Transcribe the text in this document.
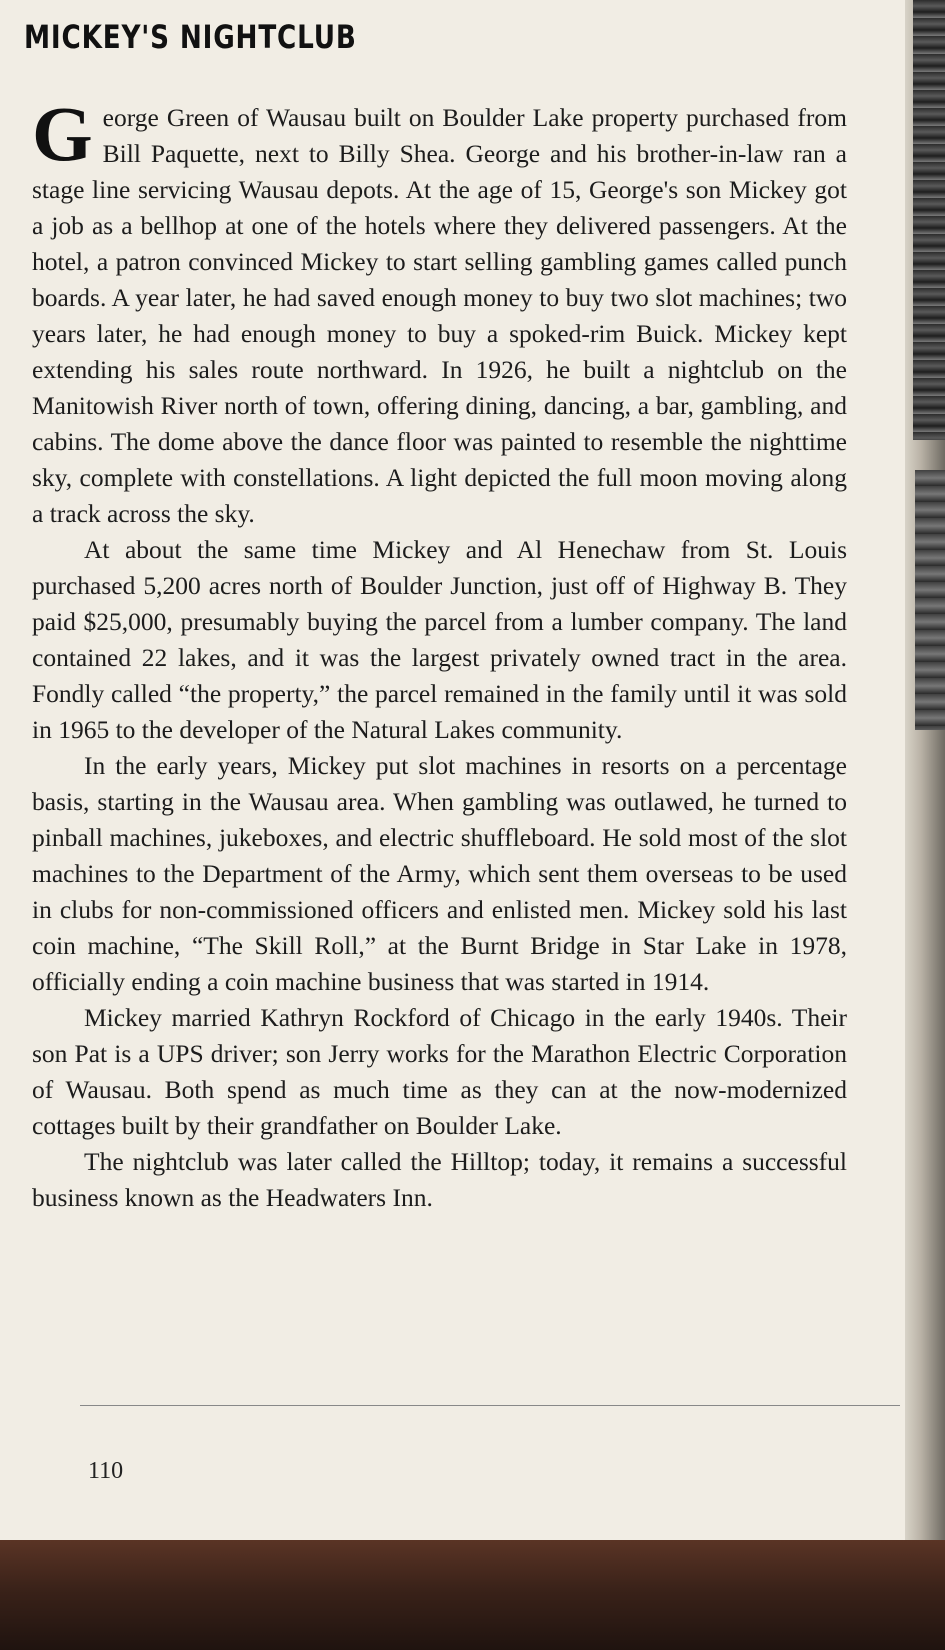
MICKEY'S NIGHTCLUB

George Green of Wausau built on Boulder Lake property purchased from Bill Paquette, next to Billy Shea. George and his brother-in-law ran a stage line servicing Wausau depots. At the age of 15, George's son Mickey got a job as a bellhop at one of the hotels where they delivered passengers. At the hotel, a patron convinced Mickey to start selling gambling games called punch boards. A year later, he had saved enough money to buy two slot machines; two years later, he had enough money to buy a spoked-rim Buick. Mickey kept extending his sales route northward. In 1926, he built a nightclub on the Manitowish River north of town, offering dining, dancing, a bar, gambling, and cabins. The dome above the dance floor was painted to resemble the nighttime sky, complete with constellations. A light depicted the full moon moving along a track across the sky.

At about the same time Mickey and Al Henechaw from St. Louis purchased 5,200 acres north of Boulder Junction, just off of Highway B. They paid $25,000, presumably buying the parcel from a lumber company. The land contained 22 lakes, and it was the largest privately owned tract in the area. Fondly called “the property,” the parcel remained in the family until it was sold in 1965 to the developer of the Natural Lakes community.

In the early years, Mickey put slot machines in resorts on a percentage basis, starting in the Wausau area. When gambling was outlawed, he turned to pinball machines, jukeboxes, and electric shuffleboard. He sold most of the slot machines to the Department of the Army, which sent them overseas to be used in clubs for non-commissioned officers and enlisted men. Mickey sold his last coin machine, “The Skill Roll,” at the Burnt Bridge in Star Lake in 1978, officially ending a coin machine business that was started in 1914.

Mickey married Kathryn Rockford of Chicago in the early 1940s. Their son Pat is a UPS driver; son Jerry works for the Marathon Electric Corporation of Wausau. Both spend as much time as they can at the now-modernized cottages built by their grandfather on Boulder Lake.

The nightclub was later called the Hilltop; today, it remains a successful business known as the Headwaters Inn.

110
